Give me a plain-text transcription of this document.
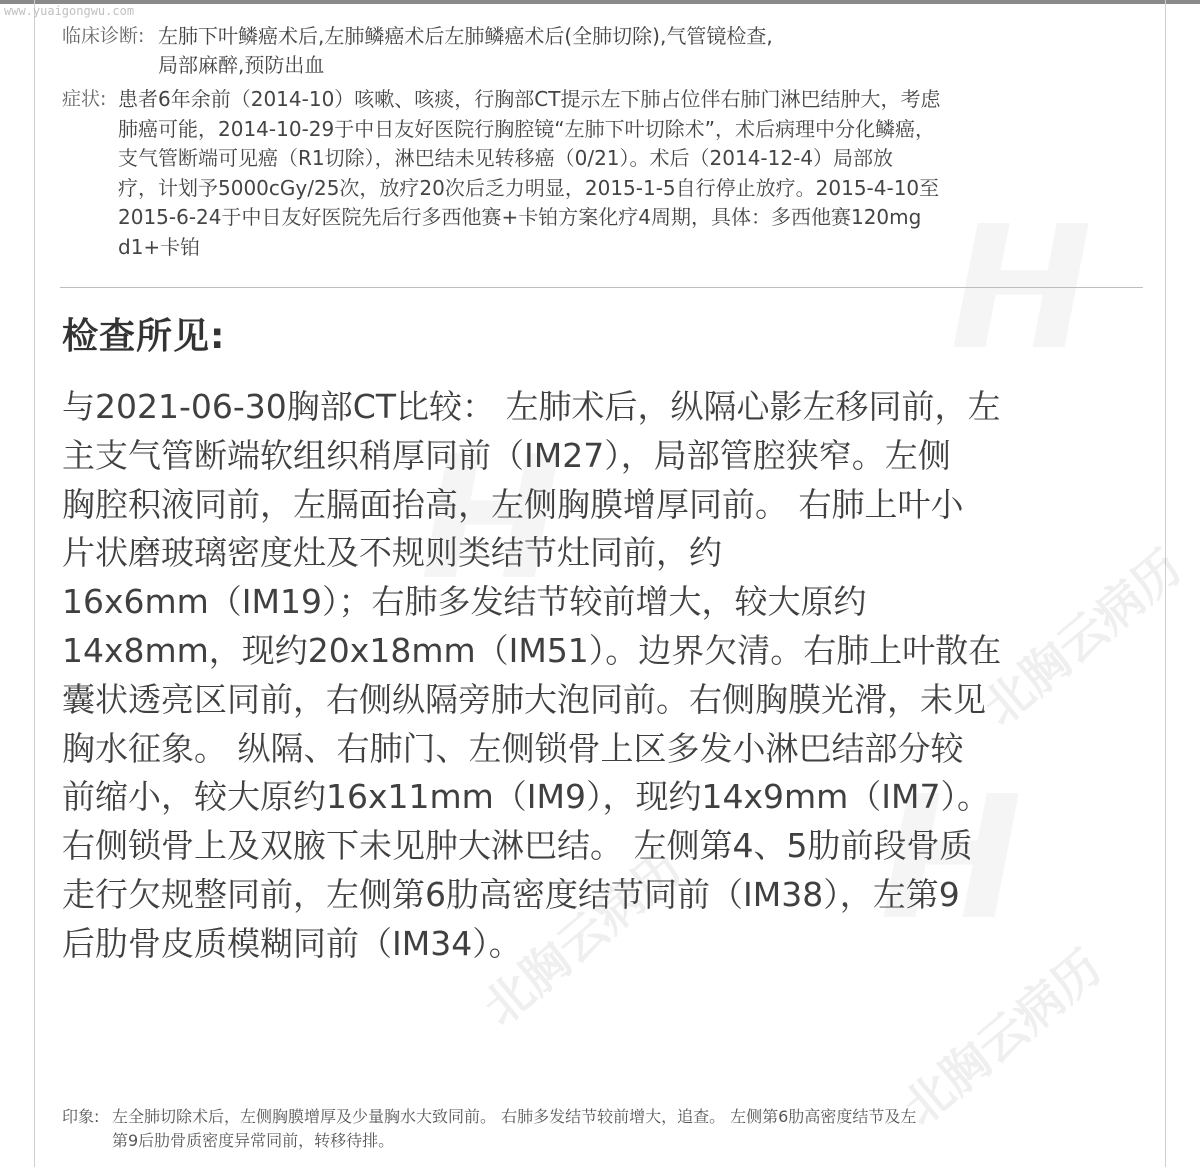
H
H
H
北胸云病历
北胸云病历
北胸云病历
www.yuaigongwu.com
临床诊断: 左肺下叶鳞癌术后,左肺鳞癌术后左肺鳞癌术后(全肺切除),气管镜检查,
局部麻醉,预防出血
症状: 患者6年余前（2014-10）咳嗽、咳痰，行胸部CT提示左下肺占位伴右肺门淋巴结肿大，考虑
肺癌可能，2014-10-29于中日友好医院行胸腔镜“左肺下叶切除术”，术后病理中分化鳞癌，
支气管断端可见癌（R1切除），淋巴结未见转移癌（0/21）。术后（2014-12-4）局部放
疗，计划予5000cGy/25次，放疗20次后乏力明显，2015-1-5自行停止放疗。2015-4-10至
2015-6-24于中日友好医院先后行多西他赛+卡铂方案化疗4周期，具体：多西他赛120mg
d1+卡铂
检查所见:
与2021-06-30胸部CT比较： 左肺术后，纵隔心影左移同前，左
主支气管断端软组织稍厚同前（IM27），局部管腔狭窄。左侧
胸腔积液同前，左膈面抬高，左侧胸膜增厚同前。 右肺上叶小
片状磨玻璃密度灶及不规则类结节灶同前，约
16x6mm（IM19）；右肺多发结节较前增大，较大原约
14x8mm，现约20x18mm（IM51）。边界欠清。右肺上叶散在
囊状透亮区同前，右侧纵隔旁肺大泡同前。右侧胸膜光滑，未见
胸水征象。 纵隔、右肺门、左侧锁骨上区多发小淋巴结部分较
前缩小，较大原约16x11mm（IM9），现约14x9mm（IM7）。
右侧锁骨上及双腋下未见肿大淋巴结。 左侧第4、5肋前段骨质
走行欠规整同前，左侧第6肋高密度结节同前（IM38），左第9
后肋骨皮质模糊同前（IM34）。
印象: 左全肺切除术后，左侧胸膜增厚及少量胸水大致同前。 右肺多发结节较前增大，追查。 左侧第6肋高密度结节及左
第9后肋骨质密度异常同前，转移待排。
